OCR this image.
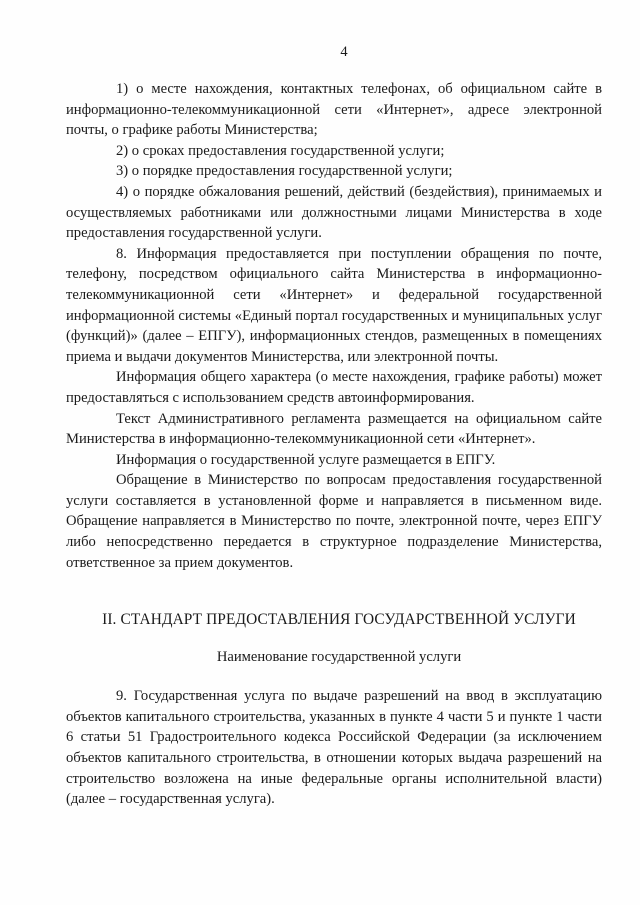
4

1) о месте нахождения, контактных телефонах, об официальном сайте в информационно-телекоммуникационной сети «Интернет», адресе электронной почты, о графике работы Министерства;

2) о сроках предоставления государственной услуги;

3) о порядке предоставления государственной услуги;

4) о порядке обжалования решений, действий (бездействия), принимаемых и осуществляемых работниками или должностными лицами Министерства в ходе предоставления государственной услуги.

8. Информация предоставляется при поступлении обращения по почте, телефону, посредством официального сайта Министерства в информационно-телекоммуникационной сети «Интернет» и федеральной государственной информационной системы «Единый портал государственных и муниципальных услуг (функций)» (далее – ЕПГУ), информационных стендов, размещенных в помещениях приема и выдачи документов Министерства, или электронной почты.

Информация общего характера (о месте нахождения, графике работы) может предоставляться с использованием средств автоинформирования.

Текст Административного регламента размещается на официальном сайте Министерства в информационно-телекоммуникационной сети «Интернет».

Информация о государственной услуге размещается в ЕПГУ.

Обращение в Министерство по вопросам предоставления государственной услуги составляется в установленной форме и направляется в письменном виде. Обращение направляется в Министерство по почте, электронной почте, через ЕПГУ либо непосредственно передается в структурное подразделение Министерства, ответственное за прием документов.

II. СТАНДАРТ ПРЕДОСТАВЛЕНИЯ ГОСУДАРСТВЕННОЙ УСЛУГИ
Наименование государственной услуги

9. Государственная услуга по выдаче разрешений на ввод в эксплуатацию объектов капитального строительства, указанных в пункте 4 части 5 и пункте 1 части 6 статьи 51 Градостроительного кодекса Российской Федерации (за исключением объектов капитального строительства, в отношении которых выдача разрешений на строительство возложена на иные федеральные органы исполнительной власти) (далее – государственная услуга).
